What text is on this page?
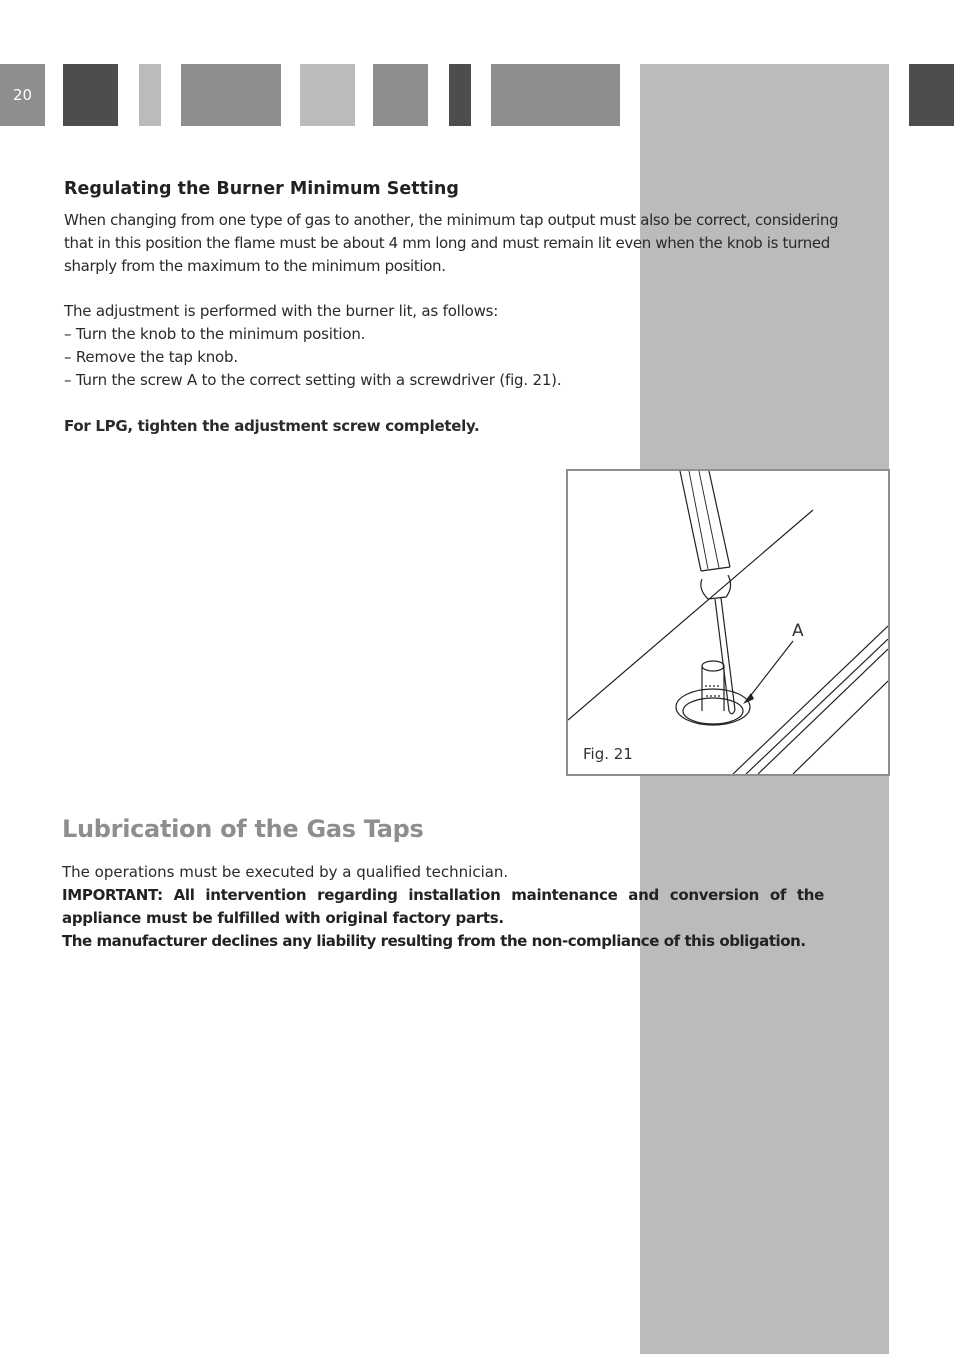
20
Regulating the Burner Minimum Setting

When changing from one type of gas to another, the minimum tap output must also be correct, considering
that in this position the flame must be about 4 mm long and must remain lit even when the knob is turned
sharply from the maximum to the minimum position.

The adjustment is performed with the burner lit, as follows:
– Turn the knob to the minimum position.
– Remove the tap knob.
– Turn the screw A to the correct setting with a screwdriver (fig. 21).

For LPG, tighten the adjustment screw completely.

A
Fig. 21
Lubrication of the Gas Taps

The operations must be executed by a qualified technician.

IMPORTANT: All intervention regarding installation maintenance and conversion of the
appliance must be fulfilled with original factory parts.

The manufacturer declines any liability resulting from the non-compliance of this obligation.
